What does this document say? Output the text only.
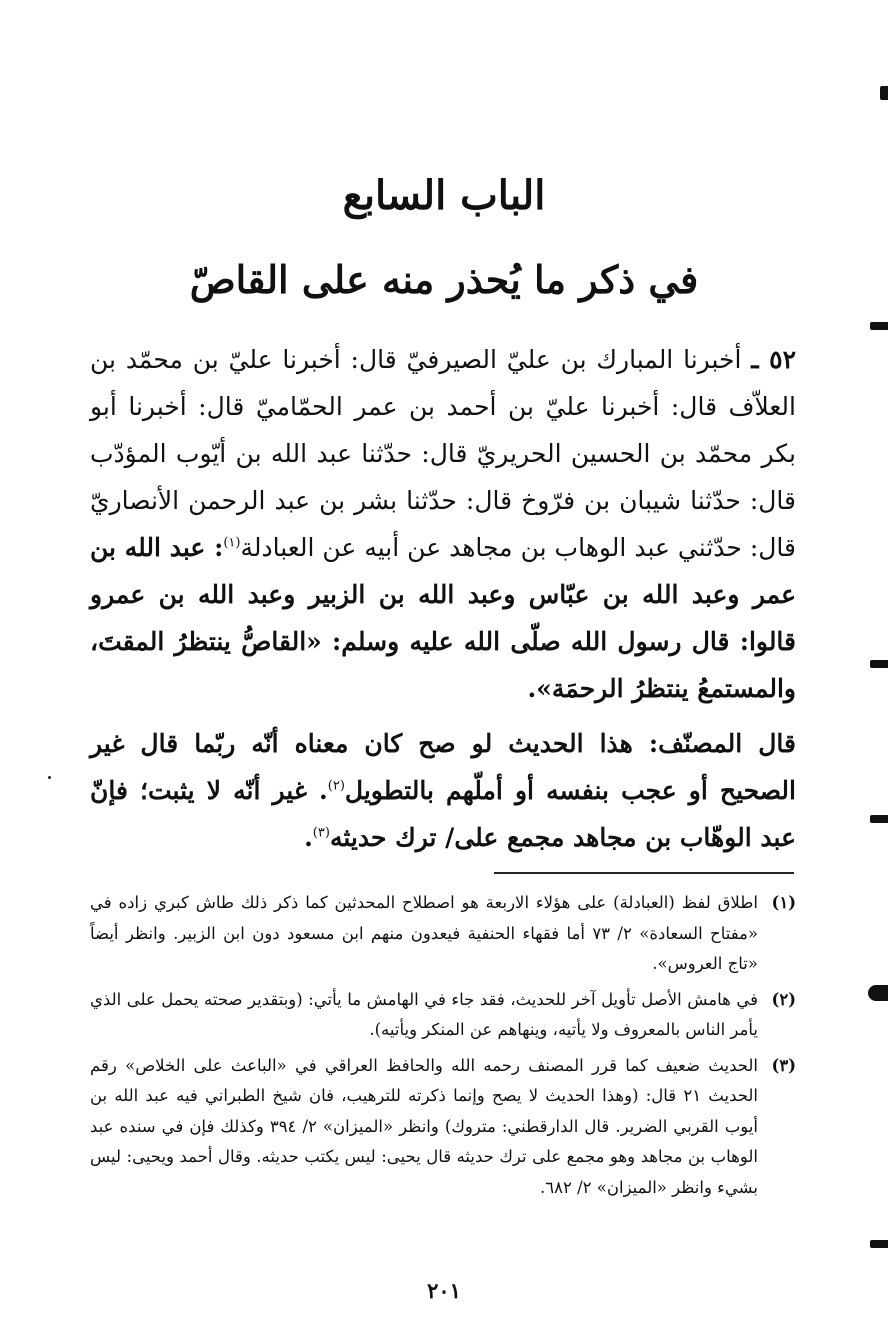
الباب السابع
في ذكر ما يُحذر منه على القاصّ

٥٢ ـ أخبرنا المبارك بن عليّ الصيرفيّ قال: أخبرنا عليّ بن محمّد بن العلاّف قال: أخبرنا عليّ بن أحمد بن عمر الحمّاميّ قال: أخبرنا أبو بكر محمّد بن الحسين الحريريّ قال: حدّثنا عبد الله بن أيّوب المؤدّب قال: حدّثنا شيبان بن فرّوخ قال: حدّثنا بشر بن عبد الرحمن الأنصاريّ قال: حدّثني عبد الوهاب بن مجاهد عن أبيه عن العبادلة$^{(١)}$: عبد الله بن عمر وعبد الله بن عبّاس وعبد الله بن الزبير وعبد الله بن عمرو قالوا: قال رسول الله صلّى الله عليه وسلم: «القاصُّ ينتظرُ المقتَ، والمستمعُ ينتظرُ الرحمَة».

قال المصنّف: هذا الحديث لو صح كان معناه أنّه ربّما قال غير الصحيح أو عجب بنفسه أو أملّهم بالتطويل$^{(٢)}$. غير أنّه لا يثبت؛ فإنّ عبد الوهّاب بن مجاهد مجمع على/ ترك حديثه$^{(٣)}$.

(١)
اطلاق لفظ (العبادلة) على هؤلاء الاربعة هو اصطلاح المحدثين كما ذكر ذلك طاش كبري زاده في «مفتاح السعادة» ٢/ ٧٣ أما فقهاء الحنفية فيعدون منهم ابن مسعود دون ابن الزبير. وانظر أيضاً «تاج العروس».
(٢)
في هامش الأصل تأويل آخر للحديث، فقد جاء في الهامش ما يأتي: (وبتقدير صحته يحمل على الذي يأمر الناس بالمعروف ولا يأتيه، وينهاهم عن المنكر ويأتيه).
(٣)
الحديث ضعيف كما قرر المصنف رحمه الله والحافظ العراقي في «الباعث على الخلاص» رقم الحديث ٢١ قال: (وهذا الحديث لا يصح وإنما ذكرته للترهيب، فان شيخ الطبراني فيه عبد الله بن أيوب القربي الضرير. قال الدارقطني: متروك) وانظر «الميزان» ٢/ ٣٩٤ وكذلك فإن في سنده عبد الوهاب بن مجاهد وهو مجمع على ترك حديثه قال يحيى: ليس يكتب حديثه. وقال أحمد ويحيى: ليس بشيء وانظر «الميزان» ٢/ ٦٨٢.
٢٠١
